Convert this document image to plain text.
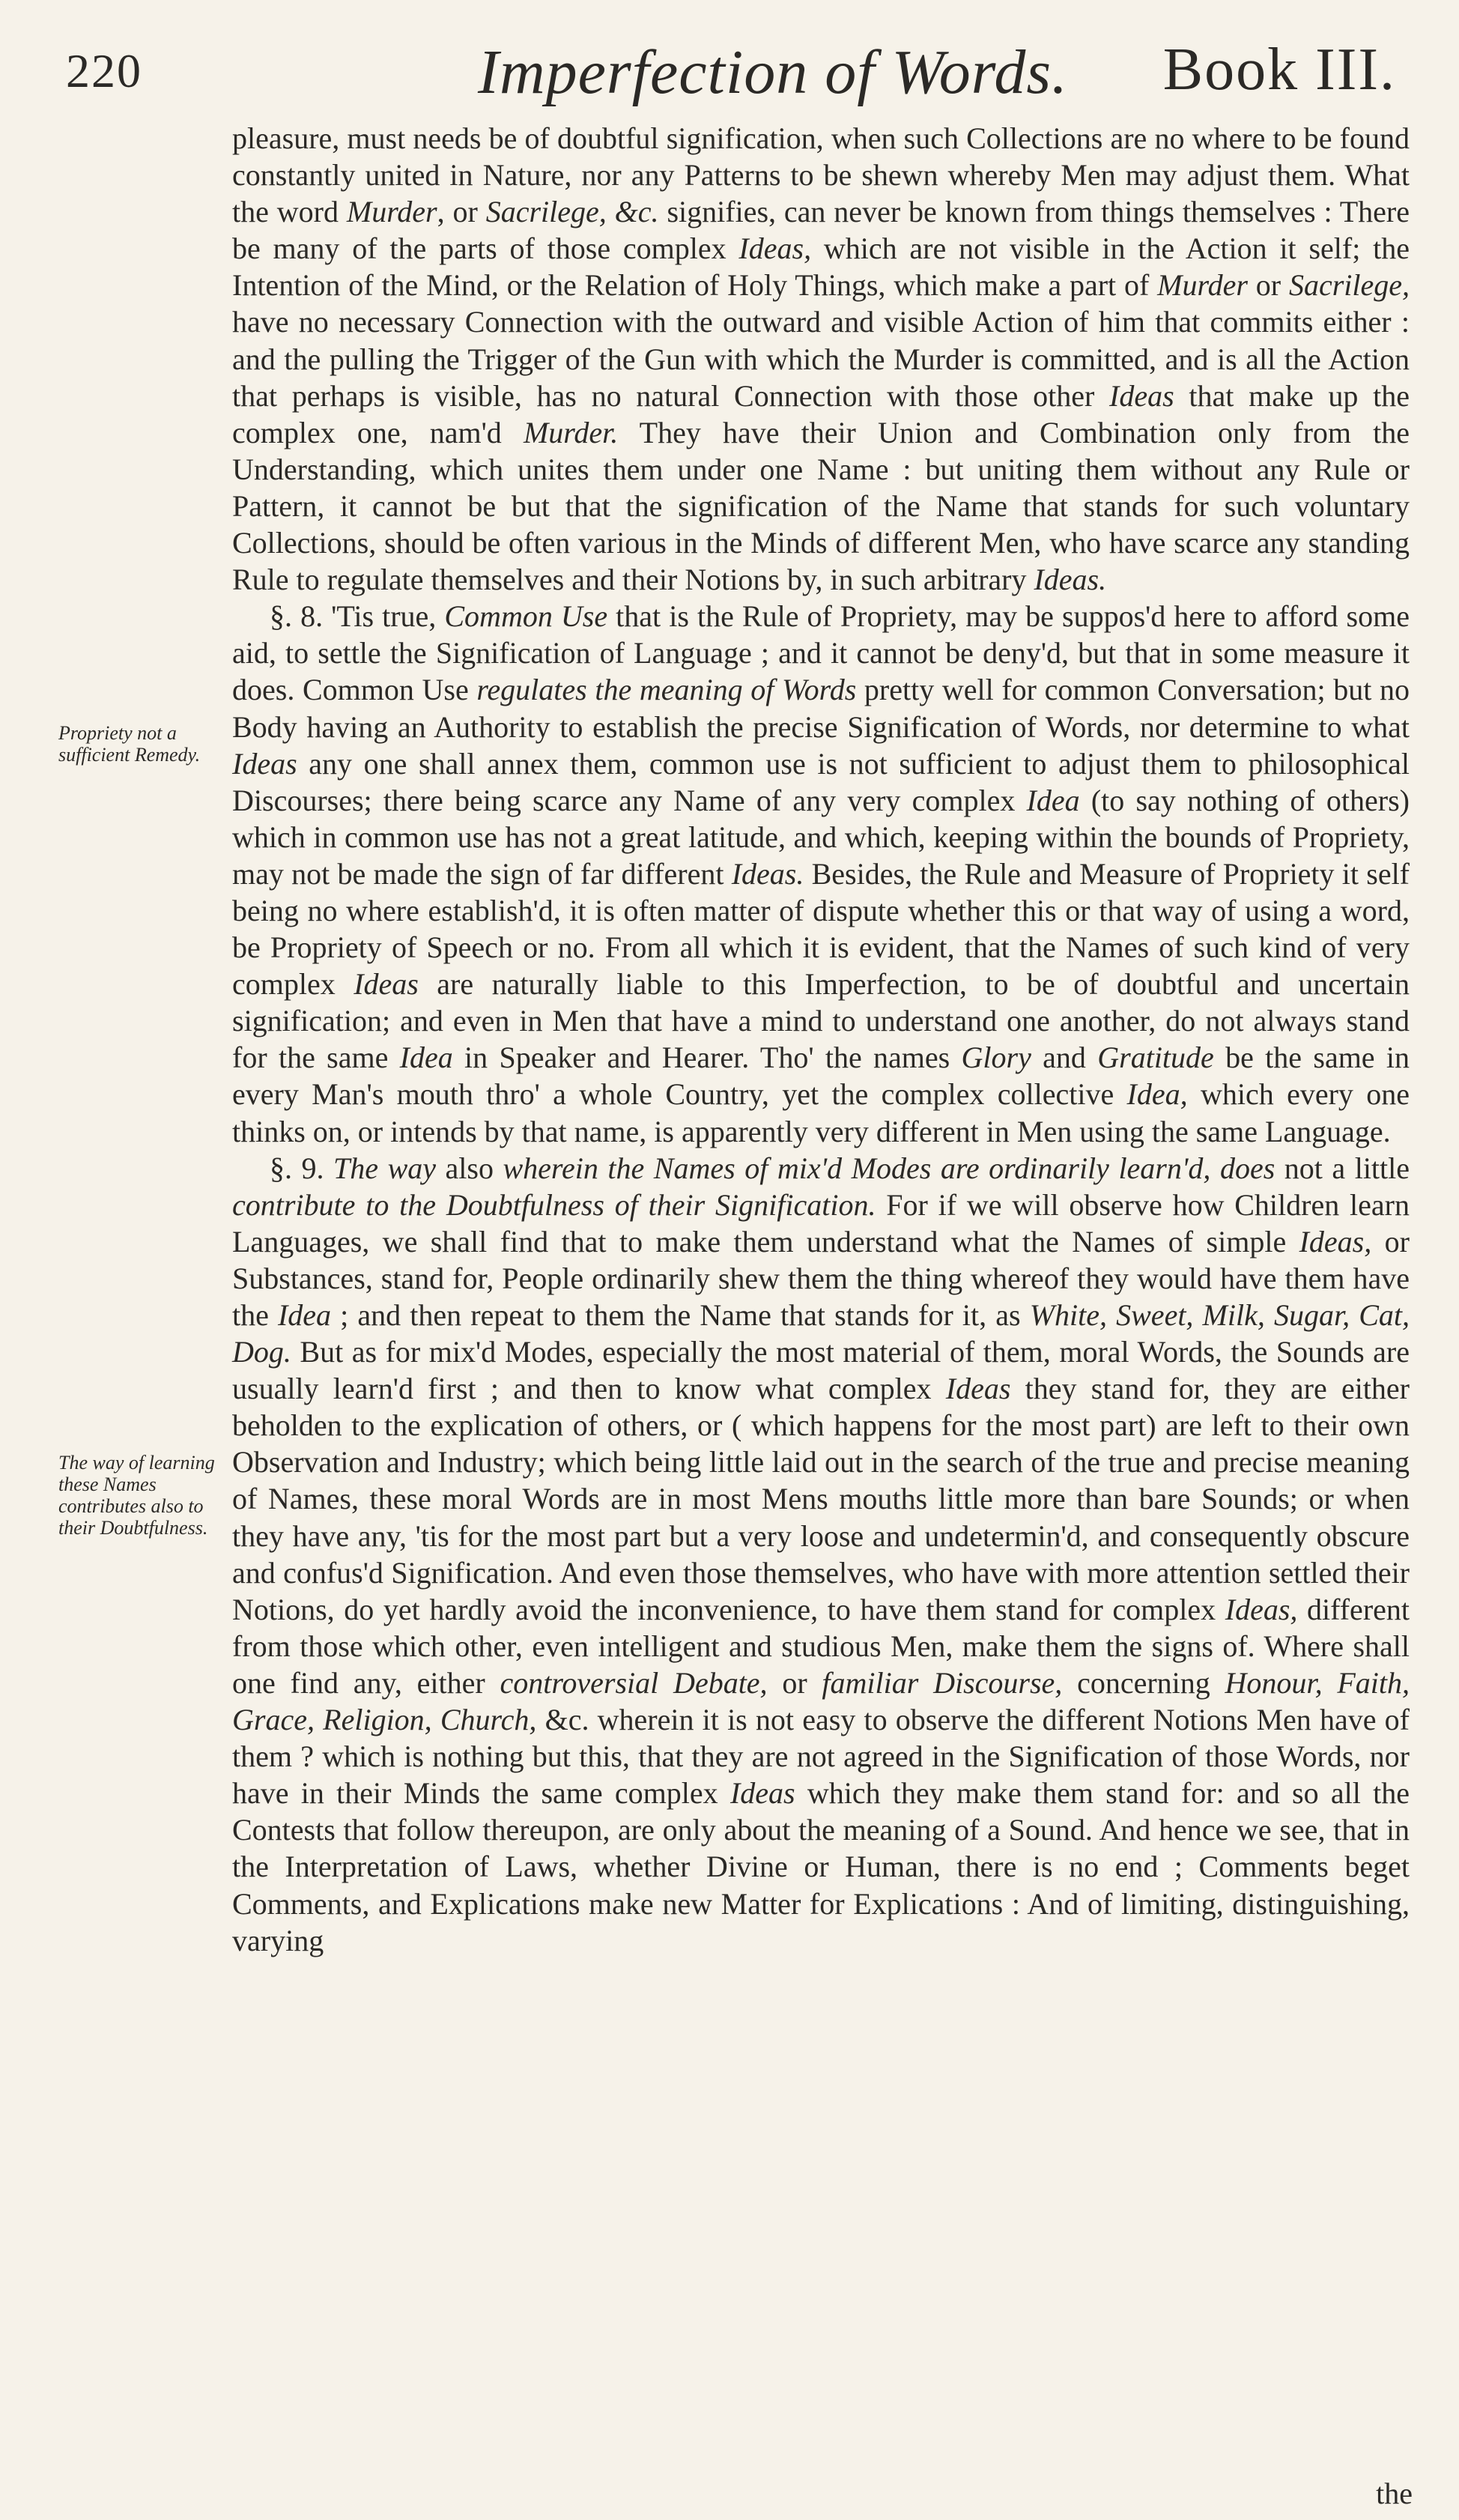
220	Imperfection of Words. Book III.
Propriety not a sufficient Remedy.
The way of learning these Names contributes also to their Doubtfulness.

pleasure, must needs be of doubtful signification, when such Collections are no where to be found constantly united in Nature, nor any Patterns to be shewn whereby Men may adjust them. What the word Murder, or Sacrilege, &c. signifies, can never be known from things themselves : There be many of the parts of those complex Ideas, which are not visible in the Action it self; the Intention of the Mind, or the Relation of Holy Things, which make a part of Murder or Sacrilege, have no necessary Connection with the outward and visible Action of him that commits either : and the pulling the Trigger of the Gun with which the Murder is committed, and is all the Action that perhaps is visible, has no natural Connection with those other Ideas that make up the complex one, nam'd Murder. They have their Union and Combination only from the Understanding, which unites them under one Name : but uniting them without any Rule or Pattern, it cannot be but that the signification of the Name that stands for such voluntary Collections, should be often various in the Minds of different Men, who have scarce any standing Rule to regulate themselves and their Notions by, in such arbitrary Ideas.

§. 8. 'Tis true, Common Use that is the Rule of Propriety, may be suppos'd here to afford some aid, to settle the Signification of Language ; and it cannot be deny'd, but that in some measure it does. Common Use regulates the meaning of Words pretty well for common Conversation; but no Body having an Authority to establish the precise Signification of Words, nor determine to what Ideas any one shall annex them, common use is not sufficient to adjust them to philosophical Discourses; there being scarce any Name of any very complex Idea (to say nothing of others) which in common use has not a great latitude, and which, keeping within the bounds of Propriety, may not be made the sign of far different Ideas. Besides, the Rule and Measure of Propriety it self being no where establish'd, it is often matter of dispute whether this or that way of using a word, be Propriety of Speech or no. From all which it is evident, that the Names of such kind of very complex Ideas are naturally liable to this Imperfection, to be of doubtful and uncertain signification; and even in Men that have a mind to understand one another, do not always stand for the same Idea in Speaker and Hearer. Tho' the names Glory and Gratitude be the same in every Man's mouth thro' a whole Country, yet the complex collective Idea, which every one thinks on, or intends by that name, is apparently very different in Men using the same Language.

§. 9. The way also wherein the Names of mix'd Modes are ordinarily learn'd, does not a little contribute to the Doubtfulness of their Signification. For if we will observe how Children learn Languages, we shall find that to make them understand what the Names of simple Ideas, or Substances, stand for, People ordinarily shew them the thing whereof they would have them have the Idea ; and then repeat to them the Name that stands for it, as White, Sweet, Milk, Sugar, Cat, Dog. But as for mix'd Modes, especially the most material of them, moral Words, the Sounds are usually learn'd first ; and then to know what complex Ideas they stand for, they are either beholden to the explication of others, or ( which happens for the most part) are left to their own Observation and Industry; which being little laid out in the search of the true and precise meaning of Names, these moral Words are in most Mens mouths little more than bare Sounds; or when they have any, 'tis for the most part but a very loose and undetermin'd, and consequently obscure and confus'd Signification. And even those themselves, who have with more attention settled their Notions, do yet hardly avoid the inconvenience, to have them stand for complex Ideas, different from those which other, even intelligent and studious Men, make them the signs of. Where shall one find any, either controversial Debate, or familiar Discourse, concerning Honour, Faith, Grace, Religion, Church, &c. wherein it is not easy to observe the different Notions Men have of them ? which is nothing but this, that they are not agreed in the Signification of those Words, nor have in their Minds the same complex Ideas which they make them stand for: and so all the Contests that follow thereupon, are only about the meaning of a Sound. And hence we see, that in the Interpretation of Laws, whether Divine or Human, there is no end ; Comments beget Comments, and Explications make new Matter for Explications : And of limiting, distinguishing, varying

the
